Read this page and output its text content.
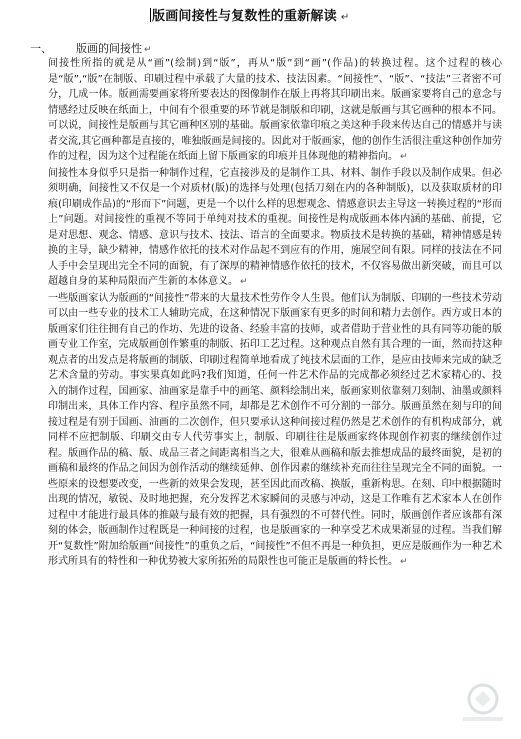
版画间接性与复数性的重新解读 ↵
一、 版画的间接性 ↵

间接性所指的就是从“画”(绘制)到“版”，再从“版”到“画”(作品)的转换过程。这个过程的核心是“版”,“版”在制版、印刷过程中承载了大量的技术、技法因素。“间接性”、“版”、“技法”三者密不可分，几成一体。版画需要画家将所要表达的图像制作在版上再将其印刷出来。版画家要将自己的意念与情感经过反映在纸面上，中间有个很重要的环节就是制版和印刷，这就是版画与其它画种的根本不同。可以说，间接性是版画与其它画种区别的基础。版画家依靠印痕之美这种手段来传达自己的情感并与读者交流,其它画种都是直接的，唯独版画是间接的。因此对于版画家，他的创作生活很注重这种创作加劳作的过程，因为这个过程能在纸面上留下版画家的印痕并且体现他的精神指向。 ↵

间接性本身似乎只是指一种制作过程，它直接涉及的是制作工具、材料、制作手段以及制作成果。但必须明确，间接性又不仅是一个对质材(版)的选择与处理(包括刀刻在内的各种制版)，以及获取质材的印痕(印刷成作品)的“形而下”问题，更是一个以什么样的思想观念、情感意识去主导这一转换过程的“形而上”问题。对间接性的重视不等同于单纯对技术的重视。间接性是构成版画本体内涵的基础、前提，它是对思想、观念、情感、意识与技术、技法、语言的全面要求。物质技术是转换的基础，精神情感是转换的主导，缺少精神，情感作依托的技术对作品起不到应有的作用，施展空间有限。同样的技法在不同人手中会呈现出完全不同的面貌，有了深厚的精神情感作依托的技术，不仅容易做出新突破，而且可以超越自身的某种局限而产生新的本体意义。 ↵

一些版画家认为版画的“间接性”带来的大量技术性劳作令人生畏。他们认为制版、印刷的一些技术劳动可以由一些专业的技术工人辅助完成，在这种情况下版画家有更多的时间和精力去创作。西方或日本的版画家们往往拥有自己的作坊、先进的设备、经验丰富的技师，或者借助于营业性的具有同等功能的版画专业工作室，完成版画创作繁重的制版、拓印工艺过程。这种观点自然有其合理的一面，然而持这种观点者的出发点是将版画的制版、印刷过程简单地看成了纯技术层面的工作，是应由技师来完成的缺乏艺术含量的劳动。事实果真如此吗?我们知道，任何一件艺术作品的完成都必须经过艺术家精心的、投入的制作过程，国画家、油画家是靠手中的画笔、颜料绘制出来，版画家则依靠刻刀刻制、油墨或颜料印制出来，具体工作内容、程序虽然不同，却都是艺术创作不可分割的一部分。版画虽然在刻与印的间接过程是有别于国画、油画的二次创作，但只要承认这种间接过程仍然是艺术创作的有机构成部分，就同样不应把制版、印刷交由专人代劳事实上，制版、印刷往往是版画家终体现创作初衷的继续创作过程。版画作品的稿、版、成品三者之间距离相当之大，很难从画稿和版去推想成品的最终面貌，是初的画稿和最终的作品之间因为创作活动的继续延伸、创作因素的继续补充而往往呈现完全不同的面貌。一些原来的设想要改变，一些新的效果会发现，甚至因此而改稿、换版，重新构思。在刻、印中根据随时出现的情况，敏锐、及时地把握，充分发挥艺术家瞬间的灵感与冲动，这是工作唯有艺术家本人在创作过程中才能进行最具体的推敲与最有效的把握，具有强烈的不可替代性。同时，版画创作者应该都有深刻的体会，版画制作过程既是一种间接的过程，也是版画家的一种享受艺术成果渐显的过程。当我们解开“复数性”附加给版画“间接性”的重负之后，“间接性”不但不再是一种负担，更应是版画作为一种艺术形式所具有的特性和一种优势被大家所拓殆的局限性也可能正是版画的特长性。 ↵
